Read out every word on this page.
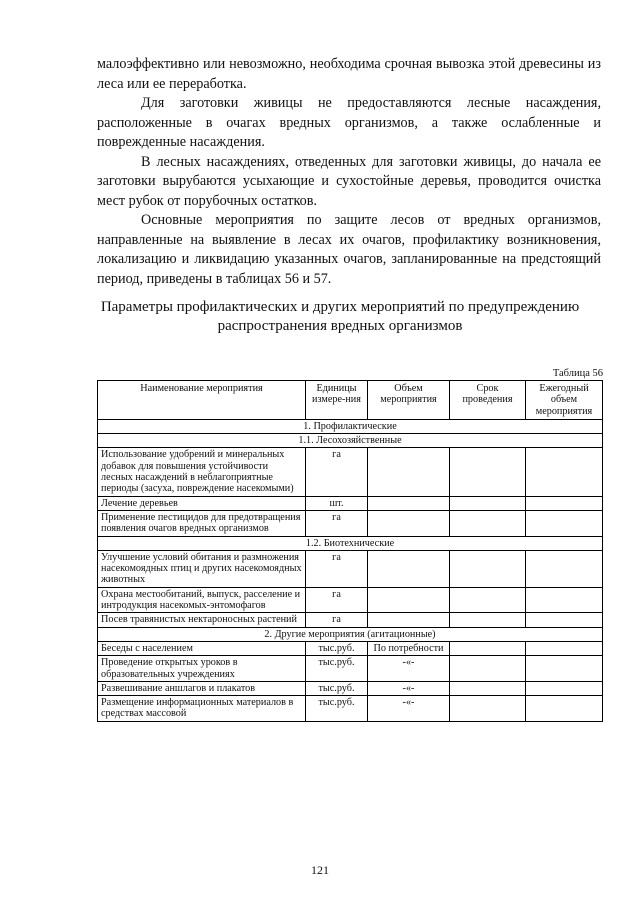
малоэффективно или невозможно, необходима срочная вывозка этой древесины из леса или ее переработка.

Для заготовки живицы не предоставляются лесные насаждения, расположенные в очагах вредных организмов, а также ослабленные и поврежденные насаждения.

В лесных насаждениях, отведенных для заготовки живицы, до начала ее заготовки вырубаются усыхающие и сухостойные деревья, проводится очистка мест рубок от порубочных остатков.

Основные мероприятия по защите лесов от вредных организмов, направленные на выявление в лесах их очагов, профилактику возникновения, локализацию и ликвидацию указанных очагов, запланированные на предстоящий период, приведены в таблицах 56 и 57.

Параметры профилактических и других мероприятий по предупреждению
распространения вредных организмов
Таблица 56
Наименование мероприятия	Единицы измере-ния	Объем мероприятия	Срок проведения	Ежегодный объем мероприятия
1. Профилактические				
1.1. Лесохозяйственные				
Использование удобрений и минеральных добавок для повышения устойчивости лесных насаждений в неблагоприятные периоды (засуха, повреждение насекомыми)	га			
Лечение деревьев	шт.			
Применение пестицидов для предотвращения появления очагов вредных организмов	га			
1.2. Биотехнические				
Улучшение условий обитания и размножения насекомоядных птиц и других насекомоядных животных	га			
Охрана местообитаний, выпуск, расселение и интродукция насекомых-энтомофагов	га			
Посев травянистых нектароносных растений	га			
2. Другие мероприятия (агитационные)				
Беседы с населением	тыс.руб.	По потребности		
Проведение открытых уроков в образовательных учреждениях	тыс.руб.	-«-		
Развешивание аншлагов и плакатов	тыс.руб.	-«-		
Размещение информационных материалов в средствах массовой	тыс.руб.	-«-		
121
